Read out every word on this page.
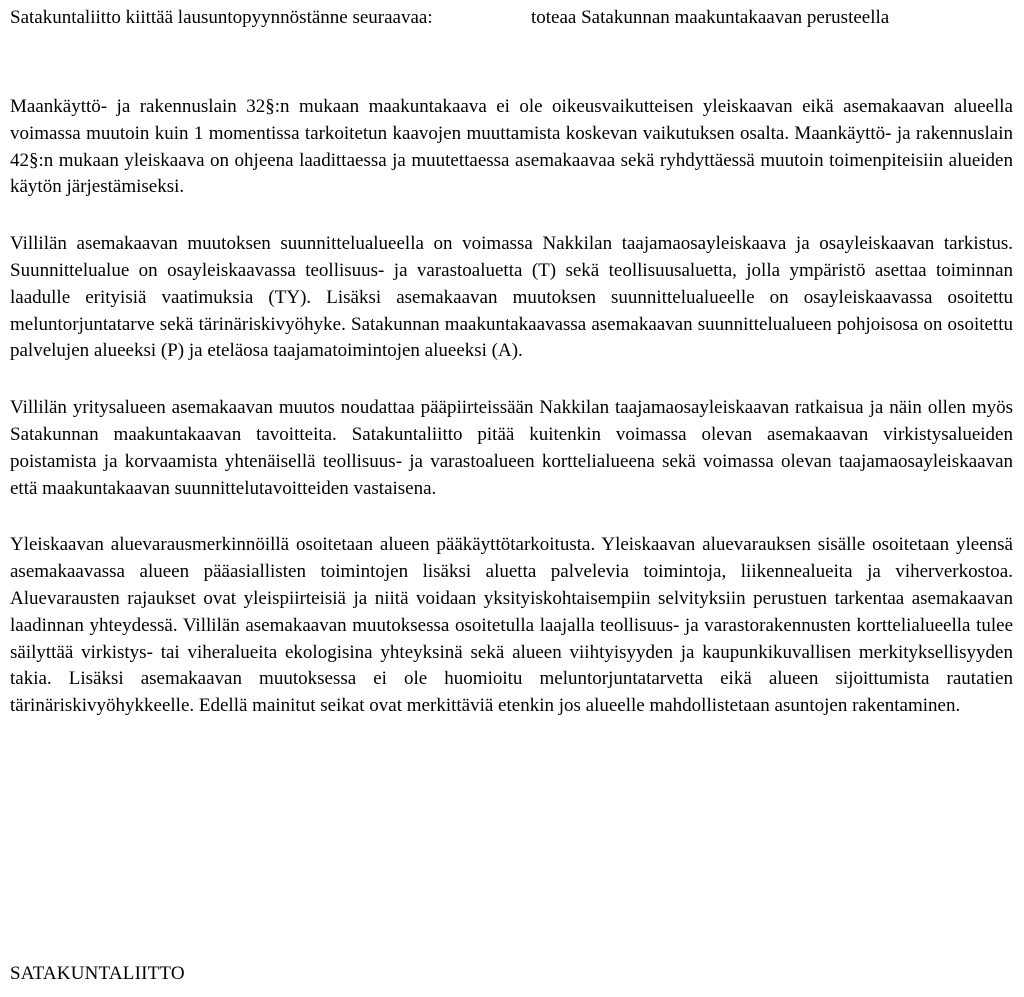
Satakuntaliitto kiittää lausuntopyynnöstänne seuraavaa:	toteaa Satakunnan maakuntakaavan perusteella

Maankäyttö- ja rakennuslain 32§:n mukaan maakuntakaava ei ole oikeusvaikutteisen yleiskaavan eikä asemakaavan alueella voimassa muutoin kuin 1 momentissa tarkoitetun kaavojen muuttamista koskevan vaikutuksen osalta. Maankäyttö- ja rakennuslain 42§:n mukaan yleiskaava on ohjeena laadittaessa ja muutettaessa asemakaavaa sekä ryhdyttäessä muutoin toimenpiteisiin alueiden käytön järjestämiseksi.

Villilän asemakaavan muutoksen suunnittelualueella on voimassa Nakkilan taajamaosayleiskaava ja osayleiskaavan tarkistus. Suunnittelualue on osayleiskaavassa teollisuus- ja varastoaluetta (T) sekä teollisuusaluetta, jolla ympäristö asettaa toiminnan laadulle erityisiä vaatimuksia (TY). Lisäksi asemakaavan muutoksen suunnittelualueelle on osayleiskaavassa osoitettu meluntorjuntatarve sekä tärinäriskivyöhyke. Satakunnan maakuntakaavassa asemakaavan suunnittelualueen pohjoisosa on osoitettu palvelujen alueeksi (P) ja eteläosa taajamatoimintojen alueeksi (A).

Villilän yritysalueen asemakaavan muutos noudattaa pääpiirteissään Nakkilan taajamaosayleiskaavan ratkaisua ja näin ollen myös Satakunnan maakuntakaavan tavoitteita. Satakuntaliitto pitää kuitenkin voimassa olevan asemakaavan virkistysalueiden poistamista ja korvaamista yhtenäisellä teollisuus- ja varastoalueen korttelialueena sekä voimassa olevan taajamaosayleiskaavan että maakuntakaavan suunnittelutavoitteiden vastaisena.

Yleiskaavan aluevarausmerkinnöillä osoitetaan alueen pääkäyttötarkoitusta. Yleiskaavan aluevarauksen sisälle osoitetaan yleensä asemakaavassa alueen pääasiallisten toimintojen lisäksi aluetta palvelevia toimintoja, liikennealueita ja viherverkostoa. Aluevarausten rajaukset ovat yleispiirteisiä ja niitä voidaan yksityiskohtaisempiin selvityksiin perustuen tarkentaa asemakaavan laadinnan yhteydessä. Villilän asemakaavan muutoksessa osoitetulla laajalla teollisuus- ja varastorakennusten korttelialueella tulee säilyttää virkistys- tai viheralueita ekologisina yhteyksinä sekä alueen viihtyisyyden ja kaupunkikuvallisen merkityksellisyyden takia. Lisäksi asemakaavan muutoksessa ei ole huomioitu meluntorjuntatarvetta eikä alueen sijoittumista rautatien tärinäriskivyöhykkeelle. Edellä mainitut seikat ovat merkittäviä etenkin jos alueelle mahdollistetaan asuntojen rakentaminen.

SATAKUNTALIITTO
